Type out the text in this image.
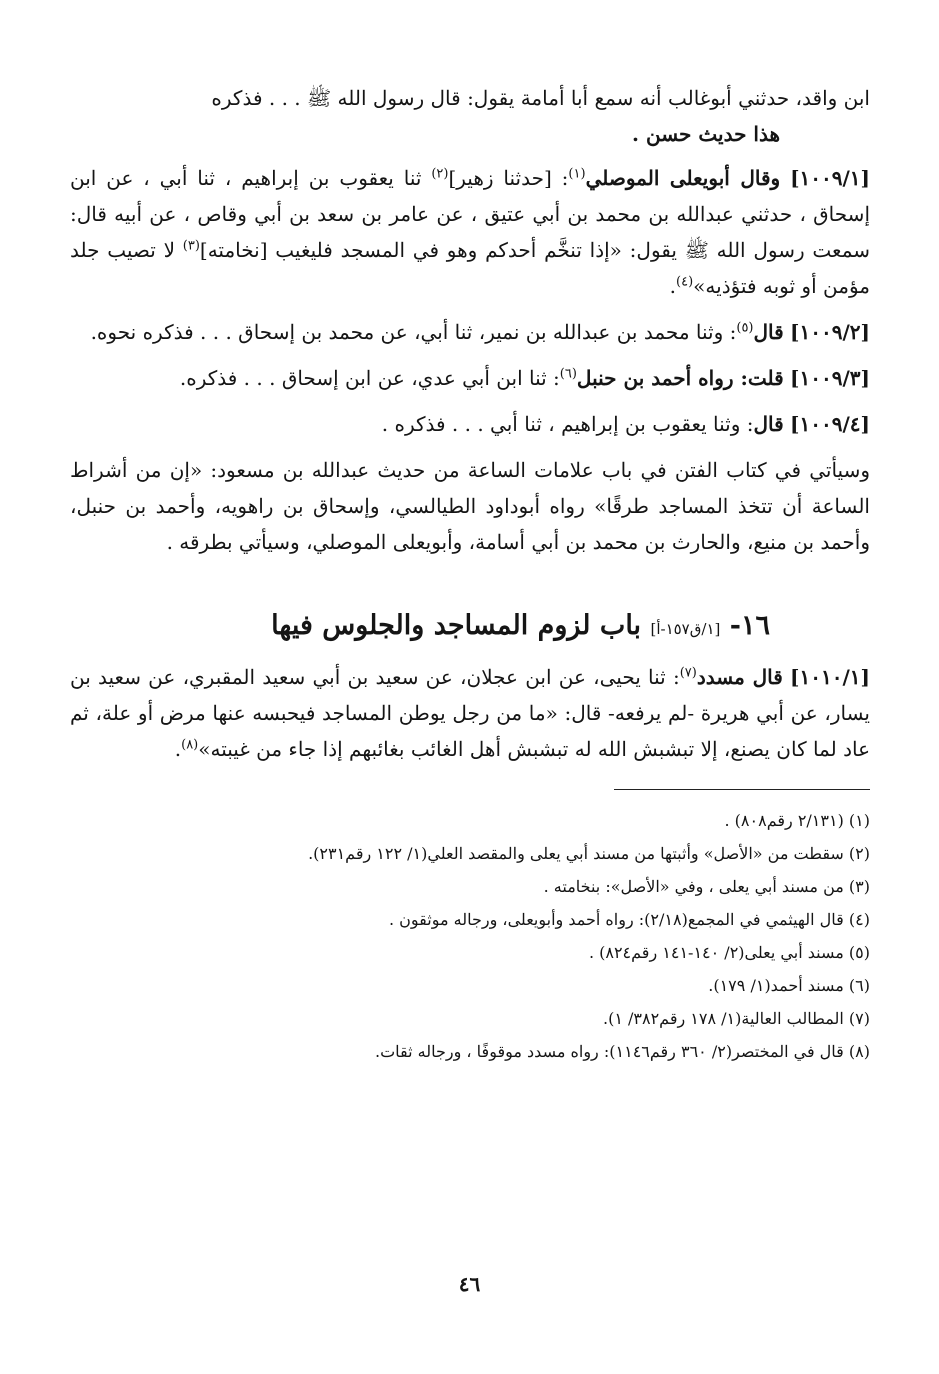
ابن واقد، حدثني أبوغالب أنه سمع أبا أمامة يقول: قال رسول الله ﷺ . . . فذكره
هذا حديث حسن .
[١٠٠٩/١] وقال أبويعلى الموصلي$^{(١)}$: [حدثنا زهير]$^{(٢)}$ ثنا يعقوب بن إبراهيم ، ثنا أبي ، عن ابن إسحاق ، حدثني عبدالله بن محمد بن أبي عتيق ، عن عامر بن سعد بن أبي وقاص ، عن أبيه قال: سمعت رسول الله ﷺ يقول: «إذا تنخَّم أحدكم وهو في المسجد فليغيب [نخامته]$^{(٣)}$ لا تصيب جلد مؤمن أو ثوبه فتؤذيه»$^{(٤)}$.
[١٠٠٩/٢] قال$^{(٥)}$: وثنا محمد بن عبدالله بن نمير، ثنا أبي، عن محمد بن إسحاق . . . فذكره نحوه.
[١٠٠٩/٣] قلت: رواه أحمد بن حنبل$^{(٦)}$: ثنا ابن أبي عدي، عن ابن إسحاق . . . فذكره.
[١٠٠٩/٤] قال: وثنا يعقوب بن إبراهيم ، ثنا أبي . . . فذكره .
وسيأتي في كتاب الفتن في باب علامات الساعة من حديث عبدالله بن مسعود: «إن من أشراط الساعة أن تتخذ المساجد طرقًا» رواه أبوداود الطيالسي، وإسحاق بن راهويه، وأحمد بن حنبل، وأحمد بن منيع، والحارث بن محمد بن أبي أسامة، وأبويعلى الموصلي، وسيأتي بطرقه .
١٦- [١/ق١٥٧-أ] باب لزوم المساجد والجلوس فيها
[١٠١٠/١] قال مسدد$^{(٧)}$: ثنا يحيى، عن ابن عجلان، عن سعيد بن أبي سعيد المقبري، عن سعيد بن يسار، عن أبي هريرة -لم يرفعه- قال: «ما من رجل يوطن المساجد فيحبسه عنها مرض أو علة، ثم عاد لما كان يصنع، إلا تبشبش الله له تبشبش أهل الغائب بغائبهم إذا جاء من غيبته»$^{(٨)}$.

(١) (٢/١٣١ رقم٨٠٨) .

(٢) سقطت من «الأصل» وأثبتها من مسند أبي يعلى والمقصد العلي(١/ ١٢٢ رقم٢٣١).

(٣) من مسند أبي يعلى ، وفي «الأصل»: بنخامته .

(٤) قال الهيثمي في المجمع(٢/١٨): رواه أحمد وأبويعلى، ورجاله موثقون .

(٥) مسند أبي يعلى(٢/ ١٤٠-١٤١ رقم٨٢٤) .

(٦) مسند أحمد(١/ ١٧٩).

(٧) المطالب العالية(١/ ١٧٨ رقم٣٨٢/ ١).

(٨) قال في المختصر(٢/ ٣٦٠ رقم١١٤٦): رواه مسدد موقوفًا ، ورجاله ثقات.

٤٦
